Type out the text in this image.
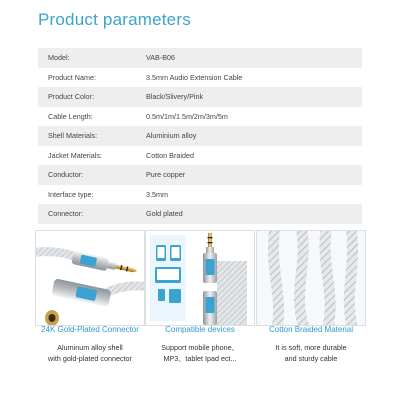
Product parameters
Model:	VAB-B06
Product Name:	3.5mm Audio Extension Cable
Product Color:	Black/Slivery/Pink
Cable Length:	0.5m/1m/1.5m/2m/3m/5m
Shell Materials:	Aluminium alloy
Jacket Materials:	Cotton Braided
Conductor:	Pure copper
Interface type:	3.5mm
Connector:	Gold plated
24K Gold-Plated Connector	Compatible devices	Cotton Braided Material
Aluminum alloy shell
with gold-plated connector
Support mobile phone、
MP3、tablet Ipad ect...
It is soft, more durable
and sturdy cable
